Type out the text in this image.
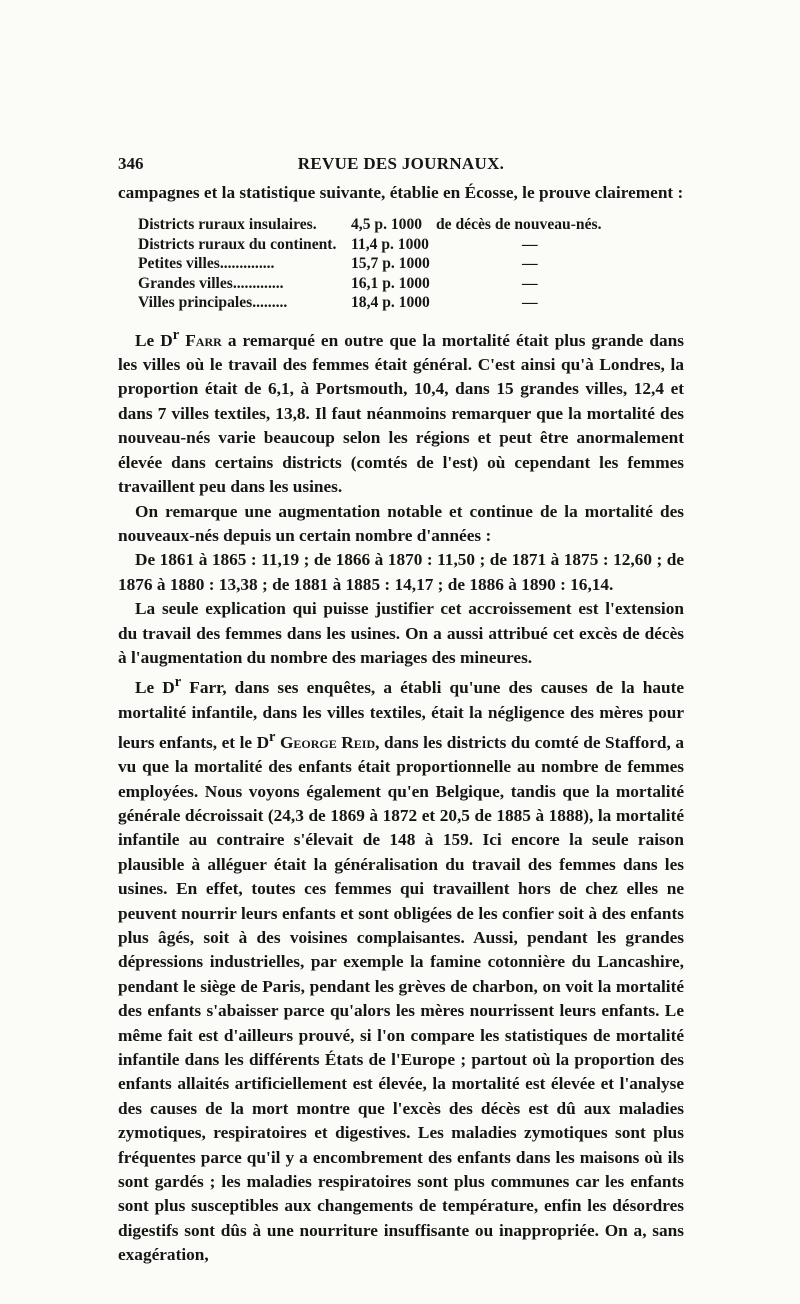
346	REVUE DES JOURNAUX.

campagnes et la statistique suivante, établie en Écosse, le prouve clairement :

Districts ruraux insulaires.	4,5 p. 1000 de décès de nouveau-nés.
Districts ruraux du continent. 11,4 p. 1000	—
Petites villes..............	15,7 p. 1000	—
Grandes villes.............	16,1 p. 1000	—
Villes principales.........	18,4 p. 1000	—

Le $D^r$ Farr a remarqué en outre que la mortalité était plus grande dans les villes où le travail des femmes était général. C'est ainsi qu'à Londres, la proportion était de 6,1, à Portsmouth, 10,4, dans 15 grandes villes, 12,4 et dans 7 villes textiles, 13,8. Il faut néanmoins remarquer que la mortalité des nouveau-nés varie beaucoup selon les régions et peut être anormalement élevée dans certains districts (comtés de l'est) où cependant les femmes travaillent peu dans les usines.

On remarque une augmentation notable et continue de la mortalité des nouveaux-nés depuis un certain nombre d'années :

De 1861 à 1865 : 11,19 ; de 1866 à 1870 : 11,50 ; de 1871 à 1875 : 12,60 ; de 1876 à 1880 : 13,38 ; de 1881 à 1885 : 14,17 ; de 1886 à 1890 : 16,14.

La seule explication qui puisse justifier cet accroissement est l'extension du travail des femmes dans les usines. On a aussi attribué cet excès de décès à l'augmentation du nombre des mariages des mineures.

Le $D^r$ Farr, dans ses enquêtes, a établi qu'une des causes de la haute mortalité infantile, dans les villes textiles, était la négligence des mères pour leurs enfants, et le $D^r$ George Reid, dans les districts du comté de Stafford, a vu que la mortalité des enfants était proportionnelle au nombre de femmes employées. Nous voyons également qu'en Belgique, tandis que la mortalité générale décroissait (24,3 de 1869 à 1872 et 20,5 de 1885 à 1888), la mortalité infantile au contraire s'élevait de 148 à 159. Ici encore la seule raison plausible à alléguer était la généralisation du travail des femmes dans les usines. En effet, toutes ces femmes qui travaillent hors de chez elles ne peuvent nourrir leurs enfants et sont obligées de les confier soit à des enfants plus âgés, soit à des voisines complaisantes. Aussi, pendant les grandes dépressions industrielles, par exemple la famine cotonnière du Lancashire, pendant le siège de Paris, pendant les grèves de charbon, on voit la mortalité des enfants s'abaisser parce qu'alors les mères nourrissent leurs enfants. Le même fait est d'ailleurs prouvé, si l'on compare les statistiques de mortalité infantile dans les différents États de l'Europe ; partout où la proportion des enfants allaités artificiellement est élevée, la mortalité est élevée et l'analyse des causes de la mort montre que l'excès des décès est dû aux maladies zymotiques, respiratoires et digestives. Les maladies zymotiques sont plus fréquentes parce qu'il y a encombrement des enfants dans les maisons où ils sont gardés ; les maladies respiratoires sont plus communes car les enfants sont plus susceptibles aux changements de température, enfin les désordres digestifs sont dûs à une nourriture insuffisante ou inappropriée. On a, sans exagération,
